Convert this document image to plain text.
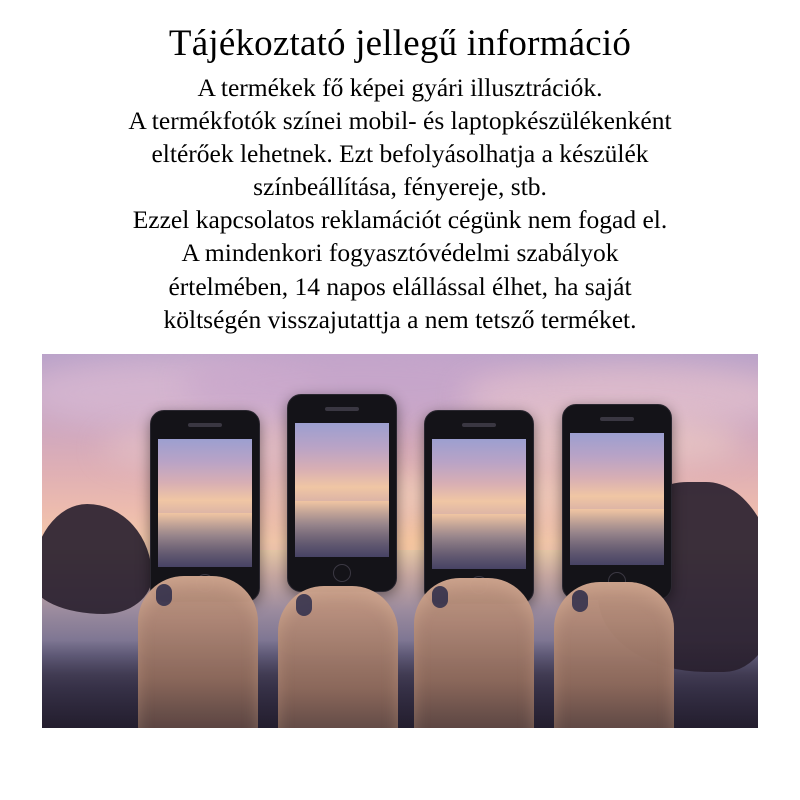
Tájékoztató jellegű információ

A termékek fő képei gyári illusztrációk.

A termékfotók színei mobil- és laptopkészülékenként

eltérőek lehetnek. Ezt befolyásolhatja a készülék

színbeállítása, fényereje, stb.

Ezzel kapcsolatos reklamációt cégünk nem fogad el.

A mindenkori fogyasztóvédelmi szabályok

értelmében, 14 napos elállással élhet, ha saját

költségén visszajutattja a nem tetsző terméket.
